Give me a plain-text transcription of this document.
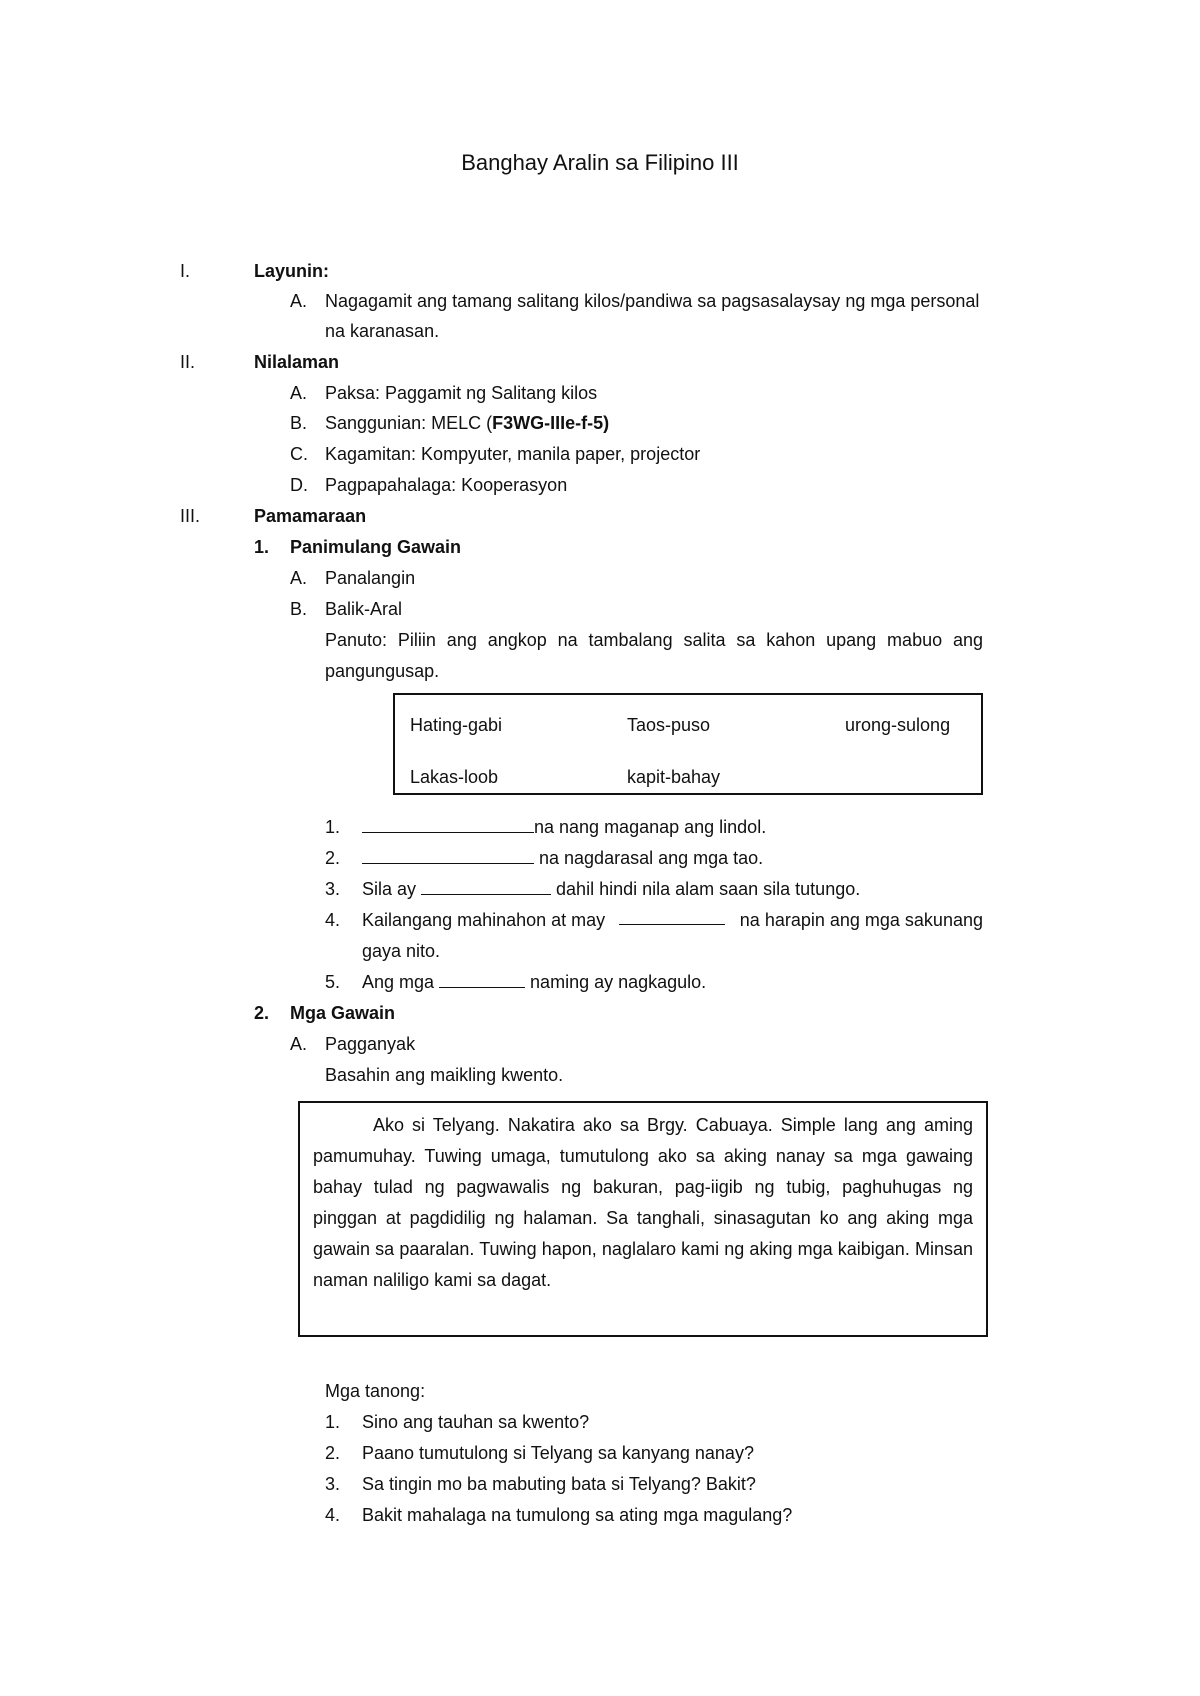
Banghay Aralin sa Filipino III
I.	Layunin:
A. Nagagamit ang tamang salitang kilos/pandiwa sa pagsasalaysay ng mga personal
na karanasan.
II.	Nilalaman
A. Paksa: Paggamit ng Salitang kilos
B. Sanggunian: MELC (F3WG-IIIe-f-5)
C. Kagamitan: Kompyuter, manila paper, projector
D. Pagpapahalaga: Kooperasyon
III.	Pamamaraan
1. Panimulang Gawain
A. Panalangin
B. Balik-Aral
Panuto: Piliin ang angkop na tambalang salita sa kahon upang mabuo ang
pangungusap.
Hating-gabi	Taos-puso	urong-sulong
Lakas-loob	kapit-bahay
1.	na nang maganap ang lindol.
2.	na nagdarasal ang mga tao.
3. Sila ay	dahil hindi nila alam saan sila tutungo.
4. Kailangang mahinahon at may	na harapin ang mga sakunang
gaya nito.
5. Ang mga	naming ay nagkagulo.
2. Mga Gawain
A. Pagganyak
Basahin ang maikling kwento.

Ako si Telyang. Nakatira ako sa Brgy. Cabuaya. Simple lang ang aming pamumuhay. Tuwing umaga, tumutulong ako sa aking nanay sa mga gawaing bahay tulad ng pagwawalis ng bakuran, pag-iigib ng tubig, paghuhugas ng pinggan at pagdidilig ng halaman. Sa tanghali, sinasagutan ko ang aking mga gawain sa paaralan. Tuwing hapon, naglalaro kami ng aking mga kaibigan. Minsan naman naliligo kami sa dagat.

Mga tanong:
1. Sino ang tauhan sa kwento?
2. Paano tumutulong si Telyang sa kanyang nanay?
3. Sa tingin mo ba mabuting bata si Telyang? Bakit?
4. Bakit mahalaga na tumulong sa ating mga magulang?
